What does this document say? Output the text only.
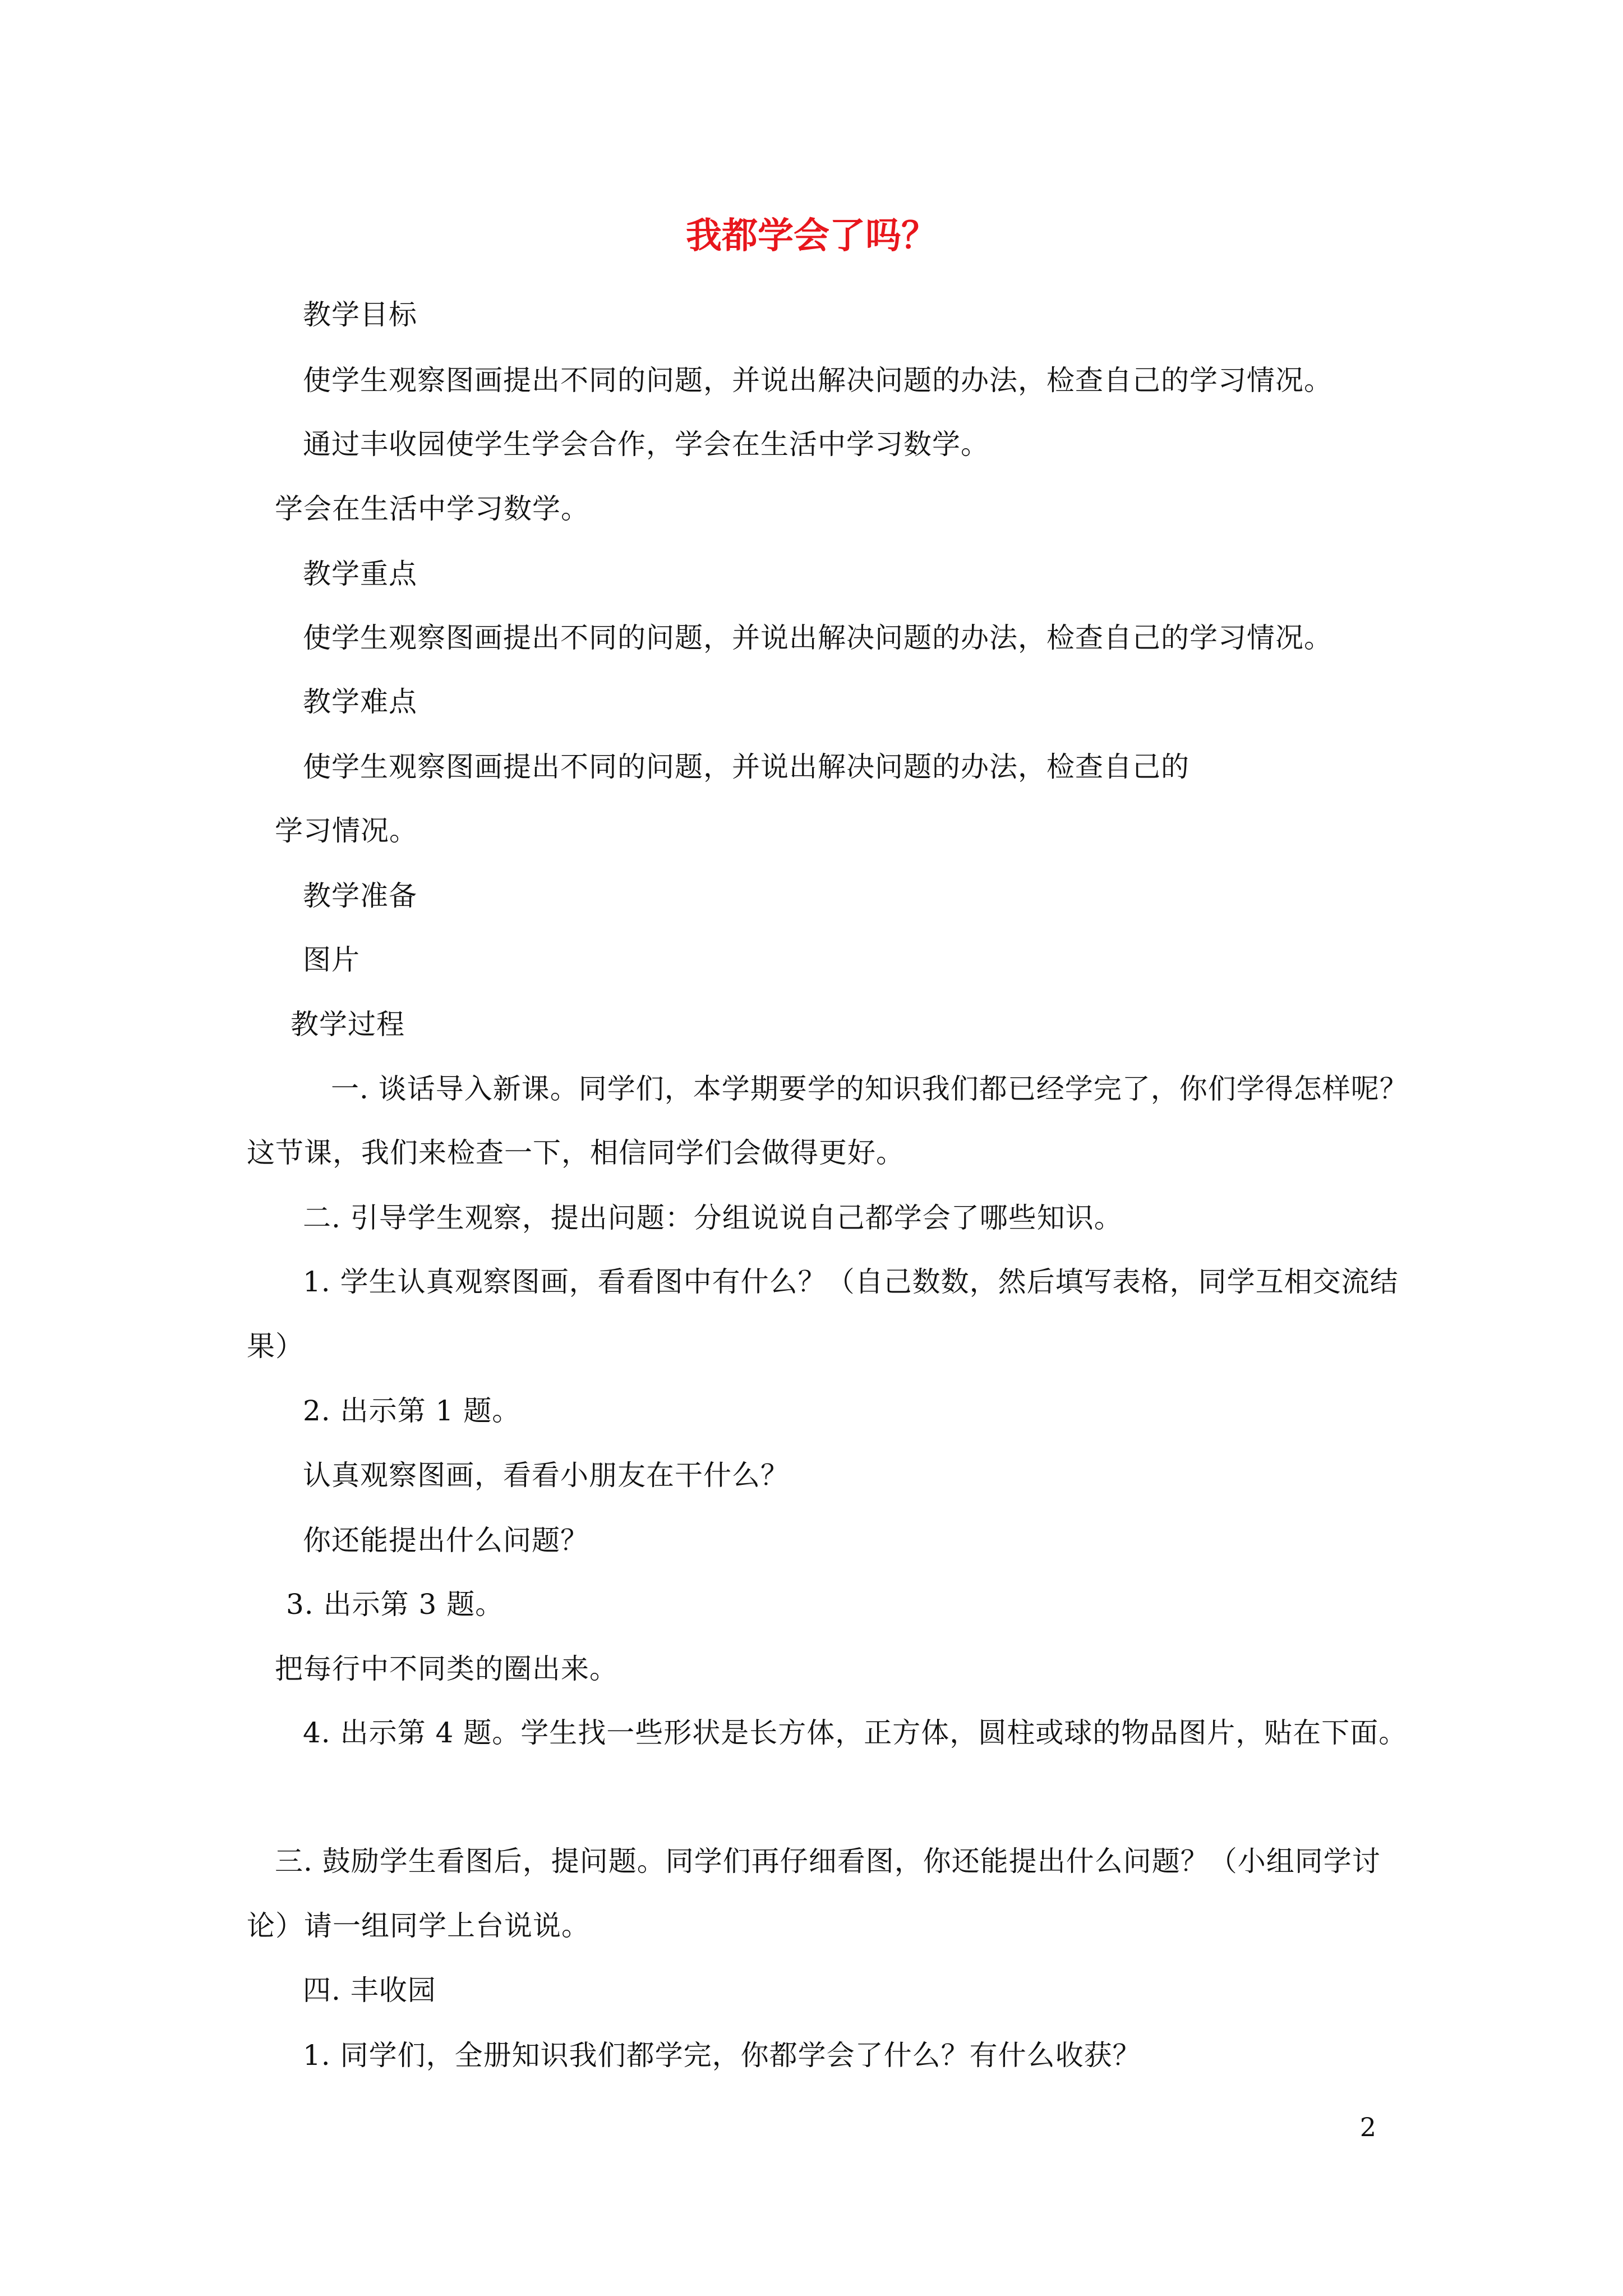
我都学会了吗？
教学目标
使学生观察图画提出不同的问题，并说出解决问题的办法，检查自己的学习情况。
通过丰收园使学生学会合作，学会在生活中学习数学。
学会在生活中学习数学。
教学重点
使学生观察图画提出不同的问题，并说出解决问题的办法，检查自己的学习情况。
教学难点
使学生观察图画提出不同的问题，并说出解决问题的办法，检查自己的
学习情况。
教学准备
图片
教学过程
一. 谈话导入新课。同学们，本学期要学的知识我们都已经学完了，你们学得怎样呢？
这节课，我们来检查一下，相信同学们会做得更好。
二. 引导学生观察，提出问题：分组说说自己都学会了哪些知识。
1. 学生认真观察图画，看看图中有什么？（自己数数，然后填写表格，同学互相交流结
果）
2. 出示第 1 题。
认真观察图画，看看小朋友在干什么？
你还能提出什么问题？
3. 出示第 3 题。
把每行中不同类的圈出来。
4. 出示第 4 题。学生找一些形状是长方体，正方体，圆柱或球的物品图片，贴在下面。
三. 鼓励学生看图后，提问题。同学们再仔细看图，你还能提出什么问题？（小组同学讨
论）请一组同学上台说说。
四. 丰收园
1. 同学们，全册知识我们都学完，你都学会了什么？有什么收获？
2
